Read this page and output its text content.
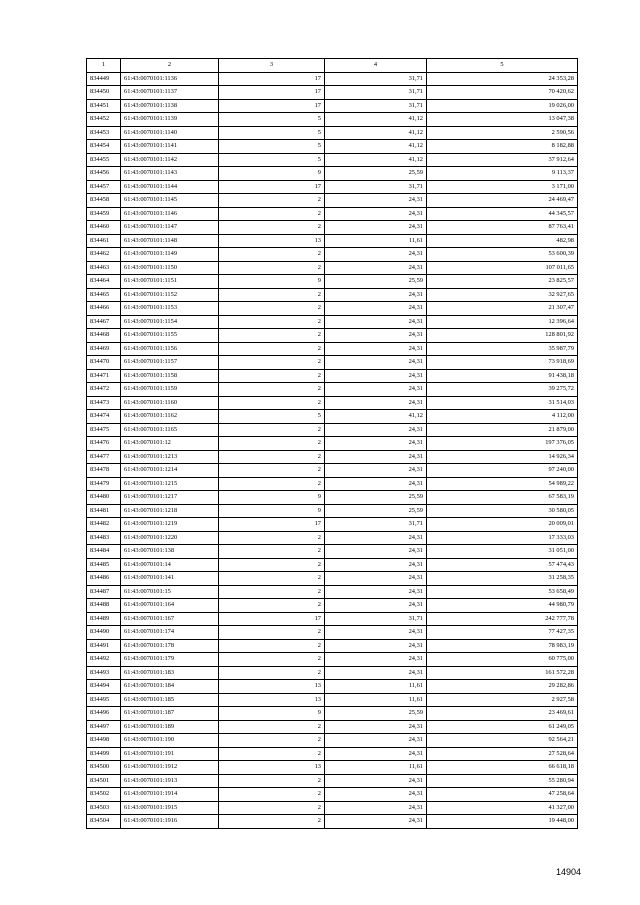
1	2	3	4	5
834449	61:43:0070101:1136	17	31,71	24 353,28
834450	61:43:0070101:1137	17	31,71	70 420,62
834451	61:43:0070101:1138	17	31,71	19 026,00
834452	61:43:0070101:1139	5	41,12	13 047,38
834453	61:43:0070101:1140	5	41,12	2 590,56
834454	61:43:0070101:1141	5	41,12	8 182,88
834455	61:43:0070101:1142	5	41,12	37 912,64
834456	61:43:0070101:1143	9	25,59	9 113,37
834457	61:43:0070101:1144	17	31,71	3 171,00
834458	61:43:0070101:1145	2	24,31	24 469,47
834459	61:43:0070101:1146	2	24,31	44 345,57
834460	61:43:0070101:1147	2	24,31	87 763,41
834461	61:43:0070101:1148	13	11,61	482,98
834462	61:43:0070101:1149	2	24,31	53 600,39
834463	61:43:0070101:1150	2	24,31	107 011,65
834464	61:43:0070101:1151	9	25,59	23 825,57
834465	61:43:0070101:1152	2	24,31	32 927,65
834466	61:43:0070101:1153	2	24,31	21 307,47
834467	61:43:0070101:1154	2	24,31	12 396,64
834468	61:43:0070101:1155	2	24,31	128 801,92
834469	61:43:0070101:1156	2	24,31	35 987,79
834470	61:43:0070101:1157	2	24,31	73 918,69
834471	61:43:0070101:1158	2	24,31	91 438,18
834472	61:43:0070101:1159	2	24,31	39 275,72
834473	61:43:0070101:1160	2	24,31	31 514,03
834474	61:43:0070101:1162	5	41,12	4 112,00
834475	61:43:0070101:1165	2	24,31	21 879,00
834476	61:43:0070101:12	2	24,31	197 376,05
834477	61:43:0070101:1213	2	24,31	14 926,34
834478	61:43:0070101:1214	2	24,31	97 240,00
834479	61:43:0070101:1215	2	24,31	54 989,22
834480	61:43:0070101:1217	9	25,59	67 583,19
834481	61:43:0070101:1218	9	25,59	30 580,05
834482	61:43:0070101:1219	17	31,71	20 009,01
834483	61:43:0070101:1220	2	24,31	17 333,03
834484	61:43:0070101:138	2	24,31	31 051,00
834485	61:43:0070101:14	2	24,31	57 474,43
834486	61:43:0070101:141	2	24,31	31 258,35
834487	61:43:0070101:15	2	24,31	53 658,49
834488	61:43:0070101:164	2	24,31	44 980,79
834489	61:43:0070101:167	17	31,71	242 777,78
834490	61:43:0070101:174	2	24,31	77 427,35
834491	61:43:0070101:178	2	24,31	78 983,19
834492	61:43:0070101:179	2	24,31	60 775,00
834493	61:43:0070101:183	2	24,31	161 572,28
834494	61:43:0070101:184	13	11,61	29 282,86
834495	61:43:0070101:185	13	11,61	2 927,58
834496	61:43:0070101:187	9	25,59	23 469,61
834497	61:43:0070101:189	2	24,31	61 249,05
834498	61:43:0070101:190	2	24,31	92 564,21
834499	61:43:0070101:191	2	24,31	27 528,64
834500	61:43:0070101:1912	13	11,61	66 618,18
834501	61:43:0070101:1913	2	24,31	55 280,94
834502	61:43:0070101:1914	2	24,31	47 258,64
834503	61:43:0070101:1915	2	24,31	41 327,00
834504	61:43:0070101:1916	2	24,31	19 448,00
14904
